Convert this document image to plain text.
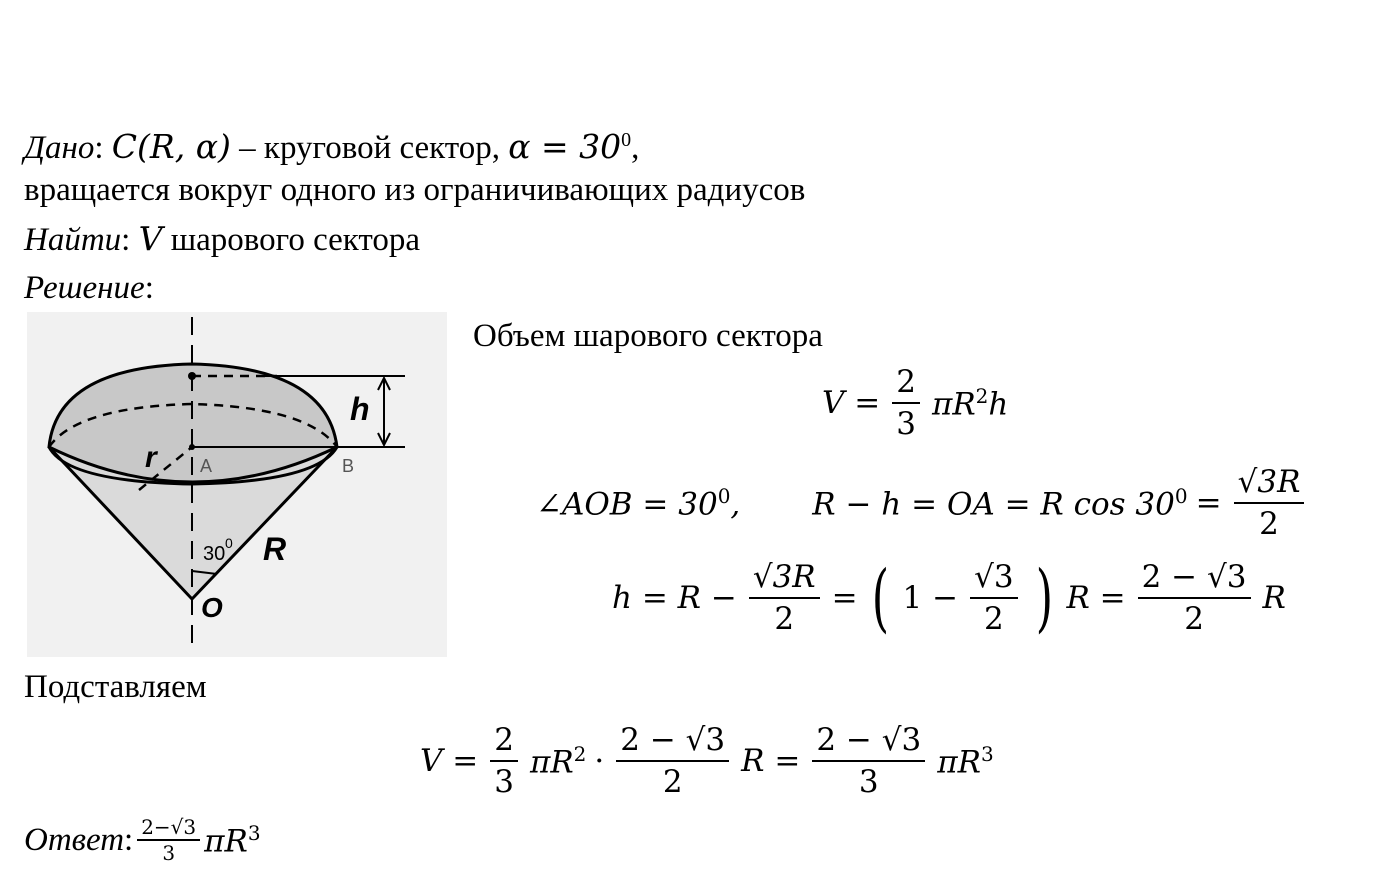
Дано: C(R, α) – круговой сектор, $\alpha = 30^0$,
вращается вокруг одного из ограничивающих радиусов
Найти: V шарового сектора
Решение:
h
r A	B
R
O
30 0
Объем шарового сектора
$V = \frac{2}{3} \pi R^2h$
∠AOB = $30^0$, R − h = OA = R $\cos 30^0 = \frac{√3R}{2}$
$h = R - \frac{√3R}{2}$ = ( $1 - \frac{√3}{2}$ ) $R = \frac{2 - √3}{2}$ R
Подставляем
$V = \frac{2}{3} \pi R^2 \cdot \frac{2 - √3}{2}$ $R = \frac{2 - √3}{3} \pi R^3$
Ответ : $\frac{2-√3}{3} \pi R^3$
